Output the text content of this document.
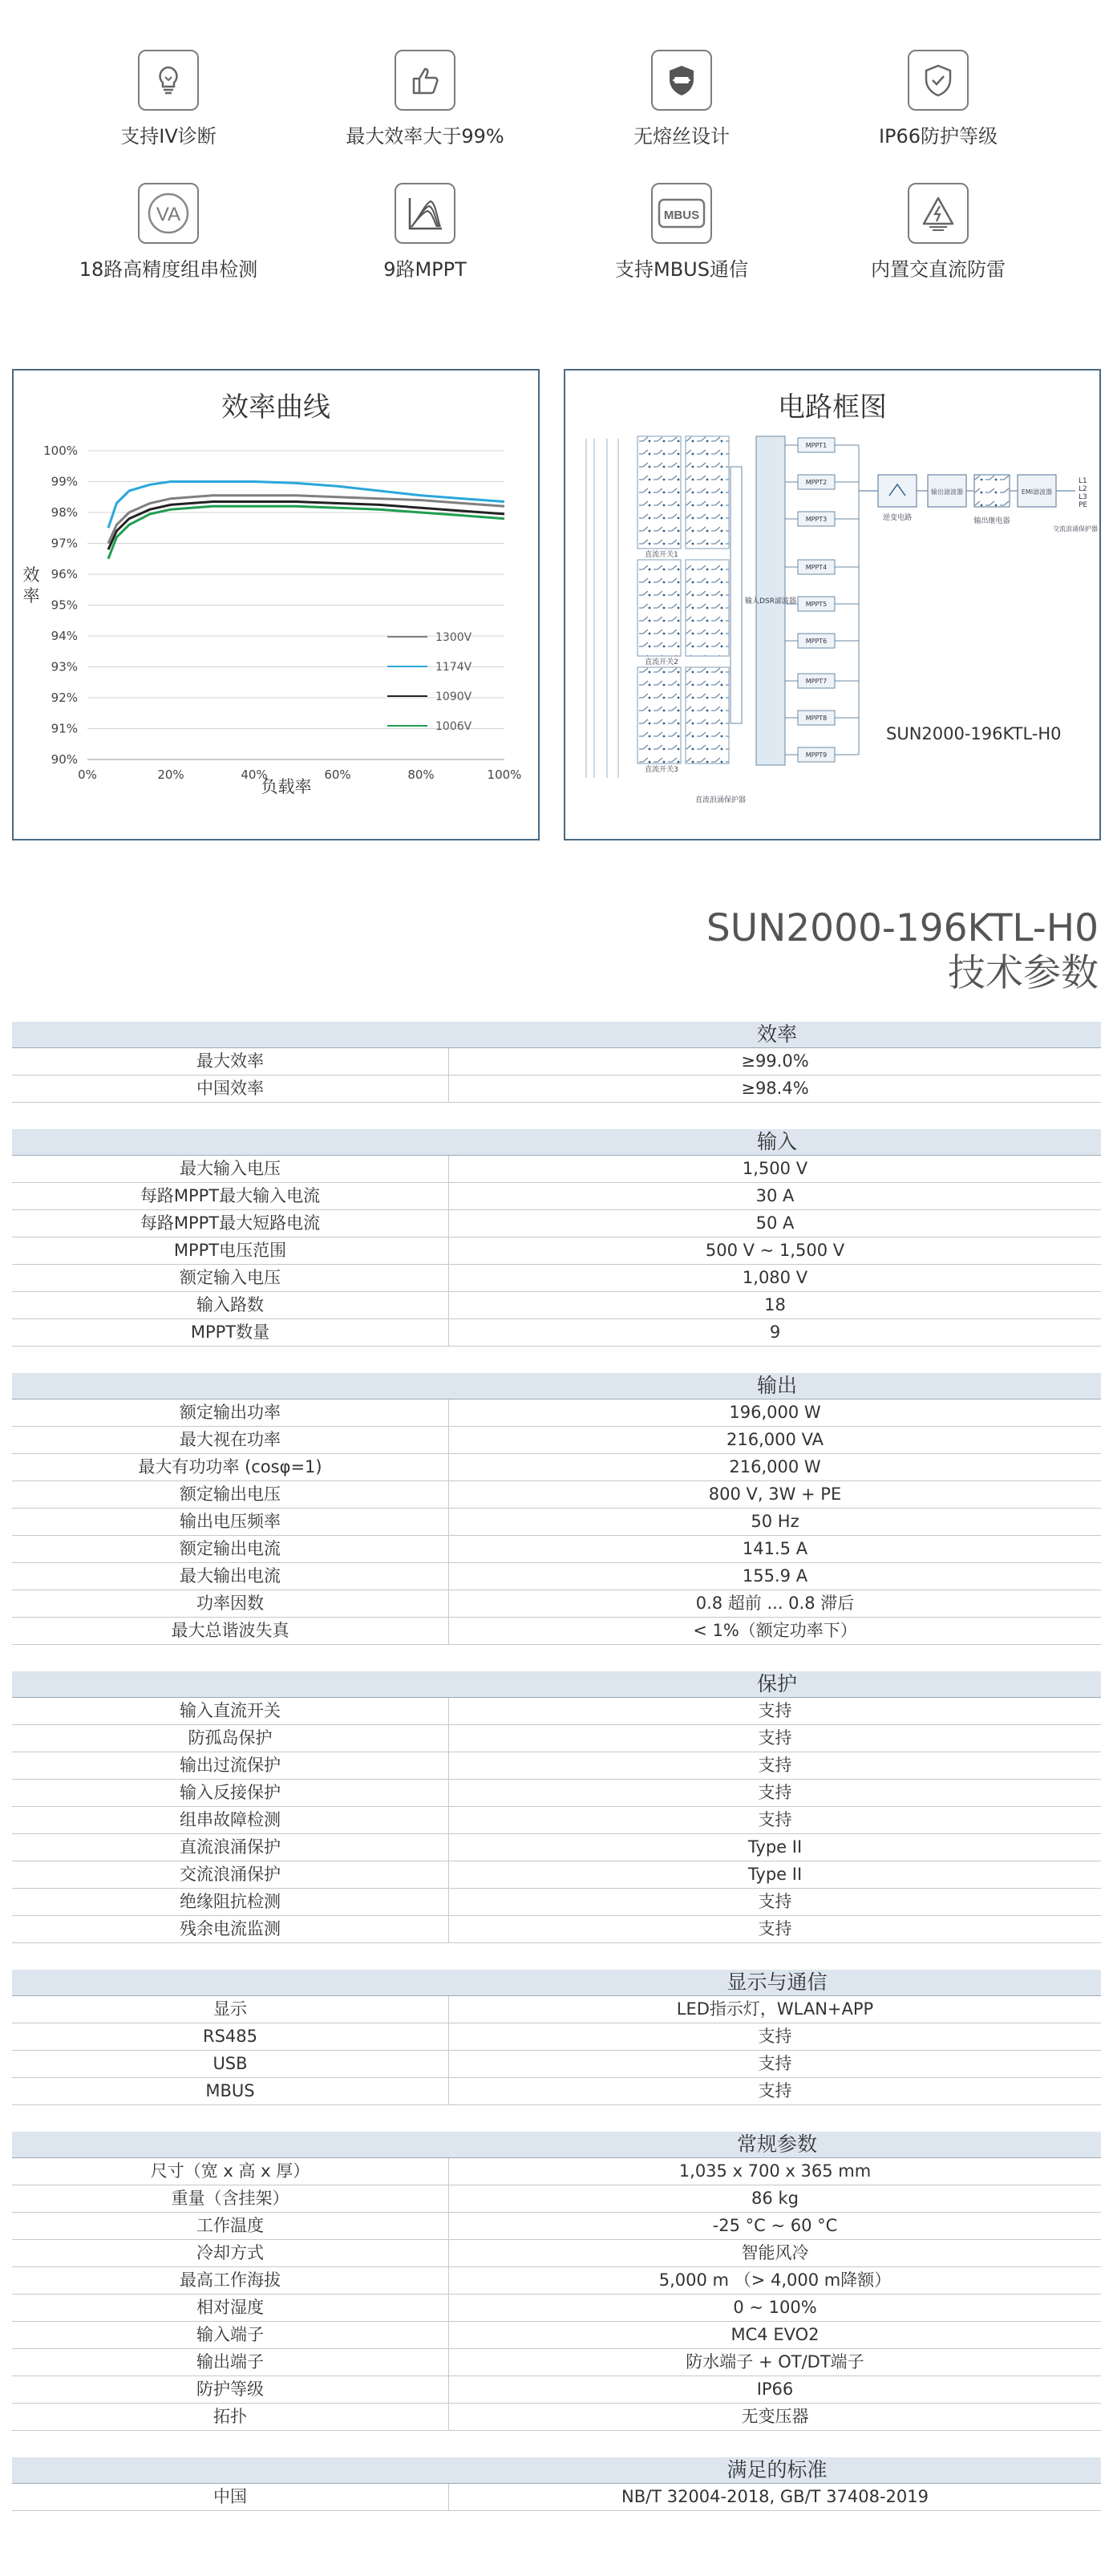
支持IV诊断	最大效率大于99%	无熔丝设计	IP66防护等级
VA
18路高精度组串检测	9路MPPT
MBUS
支持MBUS通信	内置交直流防雷
效率曲线
90%
91%
92%
93%
94%
95%
96%
97%
98%
99%
100%
0%	20%	40%	60%	80%	100%
1300V
1174V
1090V
1006V
负载率
效率
电路框图
直流开关1
直流开关2
直流开关3
直流浪涌保护器
输入DSR滤波器
MPPT1
MPPT2
MPPT3
MPPT4
MPPT5
MPPT6
MPPT7
MPPT8
MPPT9
逆变电路
输出滤波器
输出继电器
EMI滤波器
交流浪涌保护器
L1
L2
L3
PE
SUN2000-196KTL-H0
SUN2000-196KTL-H0
技术参数
效率
最大效率	≥99.0%
中国效率	≥98.4%
输入
最大输入电压	1,500 V
每路MPPT最大输入电流	30 A
每路MPPT最大短路电流	50 A
MPPT电压范围	500 V ~ 1,500 V
额定输入电压	1,080 V
输入路数	18
MPPT数量	9
输出
额定输出功率	196,000 W
最大视在功率	216,000 VA
最大有功功率 (cosφ=1)	216,000 W
额定输出电压	800 V, 3W + PE
输出电压频率	50 Hz
额定输出电流	141.5 A
最大输出电流	155.9 A
功率因数	0.8 超前 ... 0.8 滞后
最大总谐波失真	< 1%（额定功率下）
保护
输入直流开关	支持
防孤岛保护	支持
输出过流保护	支持
输入反接保护	支持
组串故障检测	支持
直流浪涌保护	Type II
交流浪涌保护	Type II
绝缘阻抗检测	支持
残余电流监测	支持
显示与通信
显示	LED指示灯，WLAN+APP
RS485	支持
USB	支持
MBUS	支持
常规参数
尺寸（宽 x 高 x 厚）	1,035 x 700 x 365 mm
重量（含挂架）	86 kg
工作温度	-25 °C ~ 60 °C
冷却方式	智能风冷
最高工作海拔	5,000 m （> 4,000 m降额）
相对湿度	0 ~ 100%
输入端子	MC4 EVO2
输出端子	防水端子 + OT/DT端子
防护等级	IP66
拓扑	无变压器
满足的标准
中国	NB/T 32004-2018, GB/T 37408-2019
